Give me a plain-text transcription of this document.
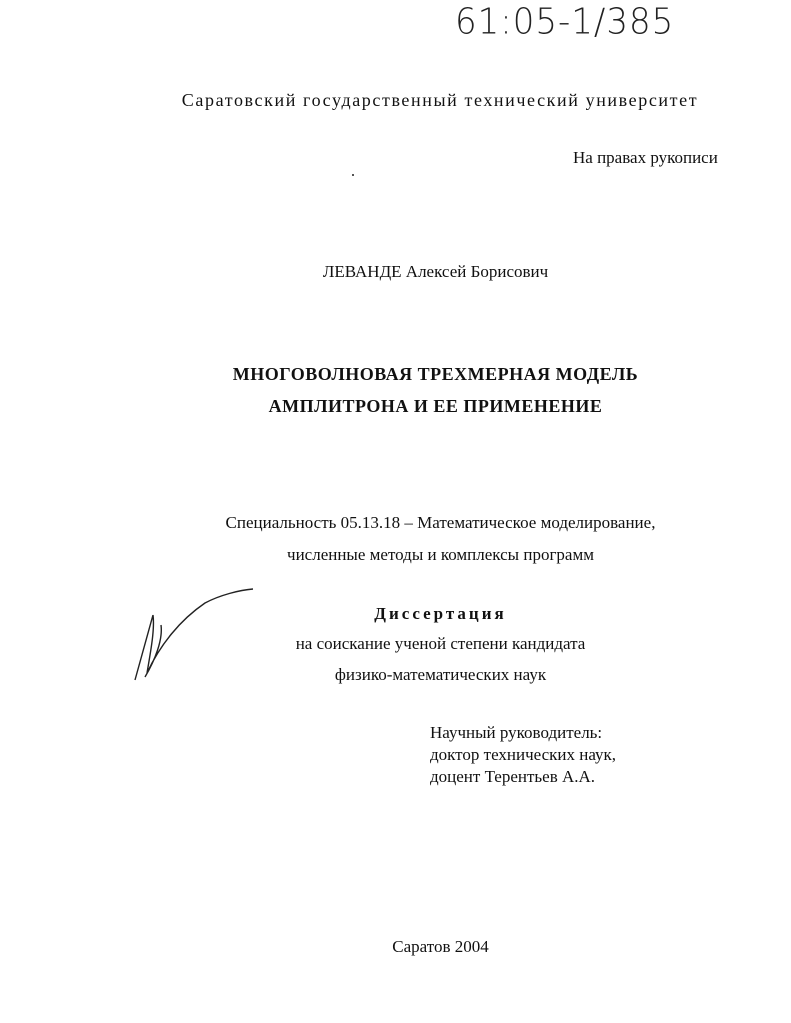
61:05-1/385
Саратовский государственный технический университет
На правах рукописи
ЛЕВАНДЕ Алексей Борисович
МНОГОВОЛНОВАЯ ТРЕХМЕРНАЯ МОДЕЛЬ
АМПЛИТРОНА И ЕЕ ПРИМЕНЕНИЕ
Специальность 05.13.18 – Математическое моделирование,
численные методы и комплексы программ
Диссертация
на соискание ученой степени кандидата
физико-математических наук
Научный руководитель:
доктор технических наук,
доцент Терентьев А.А.
Саратов 2004
